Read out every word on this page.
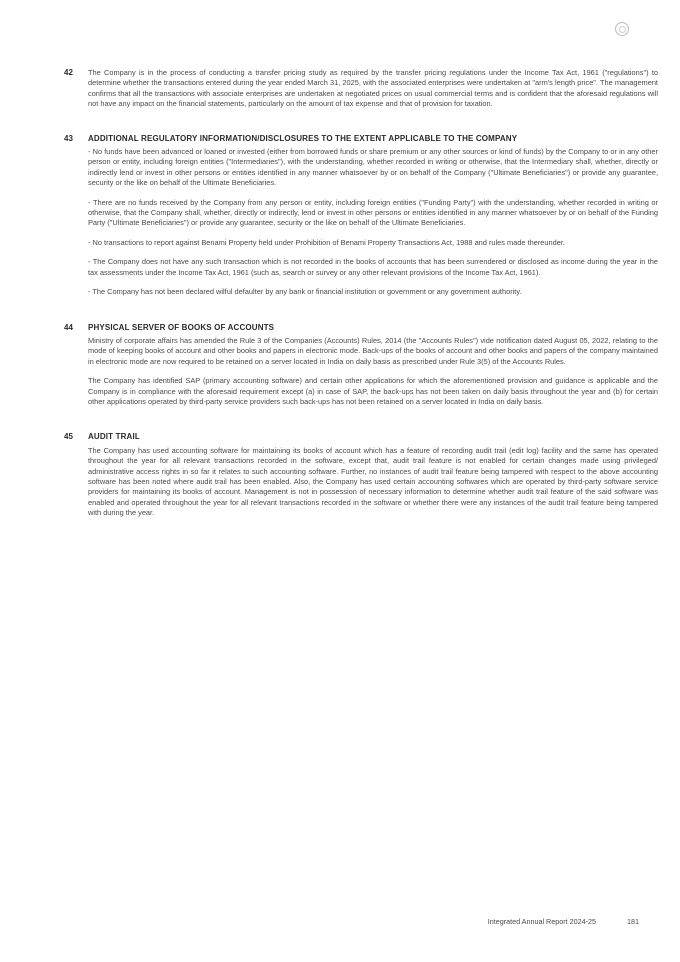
42	The Company is in the process of conducting a transfer pricing study as required by the transfer pricing regulations under the Income Tax Act, 1961 ("regulations") to determine whether the transactions entered during the year ended March 31, 2025, with the associated enterprises were undertaken at "arm's length price". The management confirms that all the transactions with associate enterprises are undertaken at negotiated prices on usual commercial terms and is confident that the aforesaid regulations will not have any impact on the financial statements, particularly on the amount of tax expense and that of provision for taxation.

43	ADDITIONAL REGULATORY INFORMATION/DISCLOSURES TO THE EXTENT APPLICABLE TO THE COMPANY

- No funds have been advanced or loaned or invested (either from borrowed funds or share premium or any other sources or kind of funds) by the Company to or in any other person or entity, including foreign entities ("Intermediaries"), with the understanding, whether recorded in writing or otherwise, that the Intermediary shall, whether, directly or indirectly lend or invest in other persons or entities identified in any manner whatsoever by or on behalf of the Company ("Ultimate Beneficiaries") or provide any guarantee, security or the like on behalf of the Ultimate Beneficiaries.

- There are no funds received by the Company from any person or entity, including foreign entities ("Funding Party") with the understanding, whether recorded in writing or otherwise, that the Company shall, whether, directly or indirectly, lend or invest in other persons or entities identified in any manner whatsoever by or on behalf of the Funding Party ("Ultimate Beneficiaries") or provide any guarantee, security or the like on behalf of the Ultimate Beneficiaries.

- No transactions to report against Benami Property held under Prohibition of Benami Property Transactions Act, 1988 and rules made thereunder.

- The Company does not have any such transaction which is not recorded in the books of accounts that has been surrendered or disclosed as income during the year in the tax assessments under the Income Tax Act, 1961 (such as, search or survey or any other relevant provisions of the Income Tax Act, 1961).

- The Company has not been declared wilful defaulter by any bank or financial institution or government or any government authority.

44	PHYSICAL SERVER OF BOOKS OF ACCOUNTS

Ministry of corporate affairs has amended the Rule 3 of the Companies (Accounts) Rules, 2014 (the "Accounts Rules") vide notification dated August 05, 2022, relating to the mode of keeping books of account and other books and papers in electronic mode. Back-ups of the books of account and other books and papers of the company maintained in electronic mode are now required to be retained on a server located in India on daily basis as prescribed under Rule 3(5) of the Accounts Rules.

The Company has identified SAP (primary accounting software) and certain other applications for which the aforementioned provision and guidance is applicable and the Company is in compliance with the aforesaid requirement except (a) in case of SAP, the back-ups has not been taken on daily basis throughout the year and (b) for certain other applications operated by third-party service providers such back-ups has not been retained on a server located in India on daily basis.

45	AUDIT TRAIL

The Company has used accounting software for maintaining its books of account which has a feature of recording audit trail (edit log) facility and the same has operated throughout the year for all relevant transactions recorded in the software, except that, audit trail feature is not enabled for certain changes made using privileged/ administrative access rights in so far it relates to such accounting software. Further, no instances of audit trail feature being tampered with respect to the above accounting software has been noted where audit trail has been enabled. Also, the Company has used certain accounting softwares which are operated by third-party software service providers for maintaining its books of account. Management is not in possession of necessary information to determine whether audit trail feature of the said software was enabled and operated throughout the year for all relevant transactions recorded in the software or whether there were any instances of the audit trail feature being tampered with during the year.

Integrated Annual Report 2024-25	181
